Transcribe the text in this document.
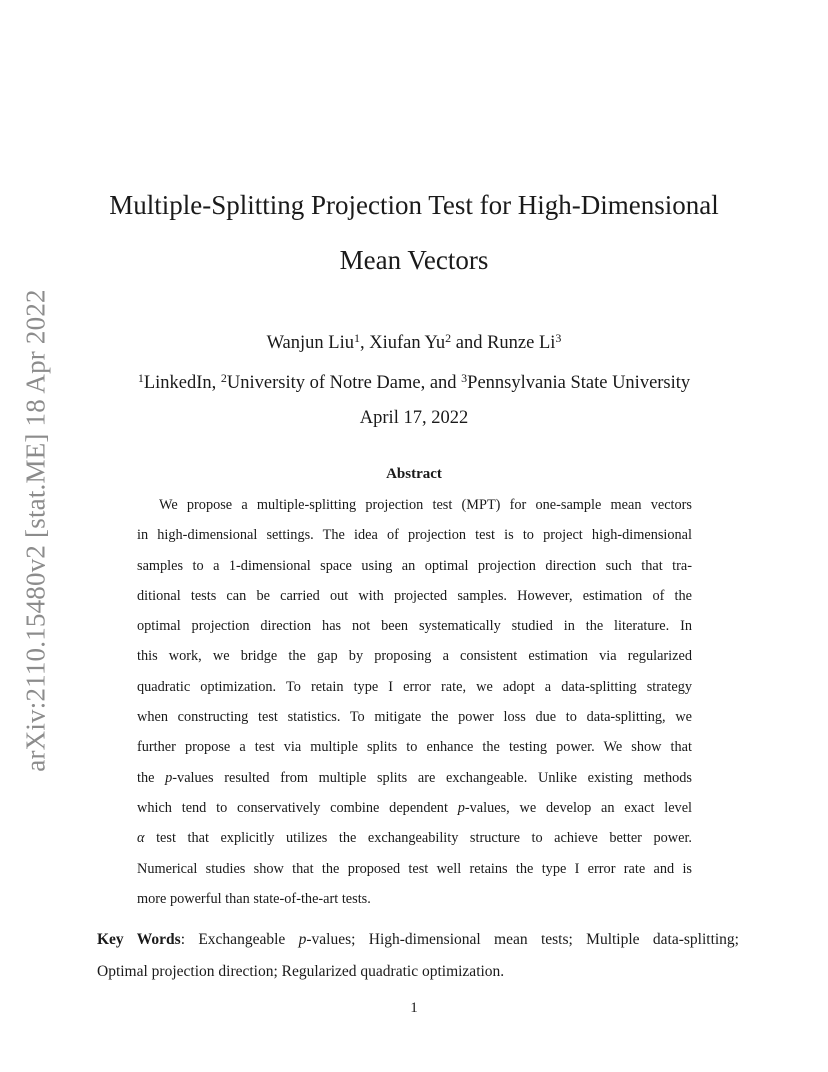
arXiv:2110.15480v2 [stat.ME] 18 Apr 2022
Multiple-Splitting Projection Test for High-Dimensional
Mean Vectors
Wanjun Liu$^1$, Xiufan Yu$^2$ and Runze Li$^3$
$^1$LinkedIn, $^2$University of Notre Dame, and $^3$Pennsylvania State University
April 17, 2022
Abstract
We propose a multiple-splitting projection test (MPT) for one-sample mean vectors
in high-dimensional settings. The idea of projection test is to project high-dimensional
samples to a 1-dimensional space using an optimal projection direction such that tra-
ditional tests can be carried out with projected samples. However, estimation of the
optimal projection direction has not been systematically studied in the literature. In
this work, we bridge the gap by proposing a consistent estimation via regularized
quadratic optimization. To retain type I error rate, we adopt a data-splitting strategy
when constructing test statistics. To mitigate the power loss due to data-splitting, we
further propose a test via multiple splits to enhance the testing power. We show that
the p-values resulted from multiple splits are exchangeable. Unlike existing methods
which tend to conservatively combine dependent p-values, we develop an exact level
α test that explicitly utilizes the exchangeability structure to achieve better power.
Numerical studies show that the proposed test well retains the type I error rate and is
more powerful than state-of-the-art tests.
Key Words: Exchangeable p-values; High-dimensional mean tests; Multiple data-splitting;
Optimal projection direction; Regularized quadratic optimization.
1
